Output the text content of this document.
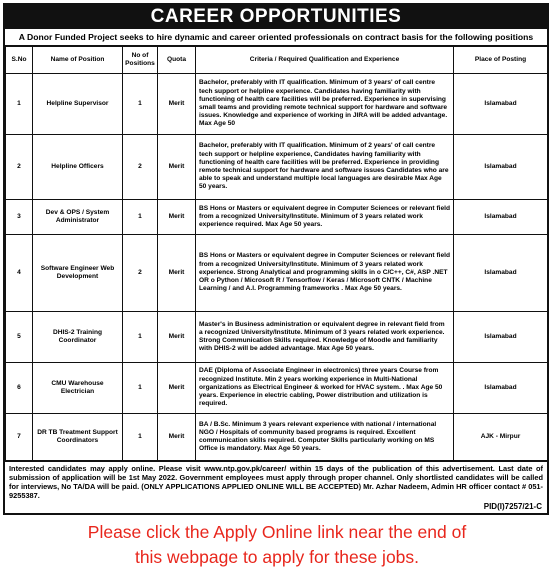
CAREER OPPORTUNITIES
A Donor Funded Project seeks to hire dynamic and career oriented professionals on contract basis for the following positions
S.No	Name of Position	No of Positions	Quota	Criteria / Required Qualification and Experience	Place of Posting
1	Helpline Supervisor	1	Merit	Bachelor, preferably with IT qualification. Minimum of 3 years' of call centre tech support or helpline experience. Candidates having familiarity with functioning of health care facilities will be preferred. Experience in supervising small teams and providing remote technical support for hardware and software issues. Knowledge and experience of working in JIRA will be added advantage. Max Age 50	Islamabad
2	Helpline Officers	2	Merit	Bachelor, preferably with IT qualification. Minimum of 2 years' of call centre tech support or helpline experience, Candidates having familiarity with functioning of health care facilities will be preferred. Experience in providing remote technical support for hardware and software issues Candidates who are able to speak and understand multiple local languages are desirable Max Age 50 years.	Islamabad
3	Dev & OPS / System Administrator	1	Merit	BS Hons or Masters or equivalent degree in Computer Sciences or relevant field from a recognized University/Institute. Minimum of 3 years related work experience required. Max Age 50 years.	Islamabad
4	Software Engineer Web Development	2	Merit	BS Hons or Masters or equivalent degree in Computer Sciences or relevant field from a recognized University/Institute. Minimum of 3 years related work experience. Strong Analytical and programming skills in o C/C++, C#, ASP .NET OR o Python / Microsoft R / Tensorflow / Keras / Microsoft CNTK / Machine Learning / and A.I. Programming frameworks . Max Age 50 years.	Islamabad
5	DHIS-2 Training Coordinator	1	Merit	Master's in Business administration or equivalent degree in relevant field from a recognized University/Institute. Minimum of 3 years related work experience. Strong Communication Skills required. Knowledge of Moodle and familiarity with DHIS-2 will be added advantage. Max Age 50 years.	Islamabad
6	CMU Warehouse Electrician	1	Merit	DAE (Diploma of Associate Engineer in electronics) three years Course from recognized Institute. Min 2 years working experience in Multi-National organizations as Electrical Engineer & worked for HVAC system. . Max Age 50 years. Experience in electric cabling, Power distribution and utilization is required.	Islamabad
7	DR TB Treatment Support Coordinators	1	Merit	BA / B.Sc. Minimum 3 years relevant experience with national / international NGO / Hospitals of community based programs is required. Excellent communication skills required. Computer Skills particularly working on MS Office is mandatory. Max Age 50 years.	AJK - Mirpur
Interested candidates may apply online. Please visit www.ntp.gov.pk/career/ within 15 days of the publication of this advertisement. Last date of submission of application will be 1st May 2022. Government employees must apply through proper channel. Only shortlisted candidates will be called for interviews, No TA/DA will be paid. (ONLY APPLICATIONS APPLIED ONLINE WILL BE ACCEPTED) Mr. Azhar Nadeem, Admin HR officer contact # 051-9255387.
PID(I)7257/21-C
Please click the Apply Online link near the end of
this webpage to apply for these jobs.
